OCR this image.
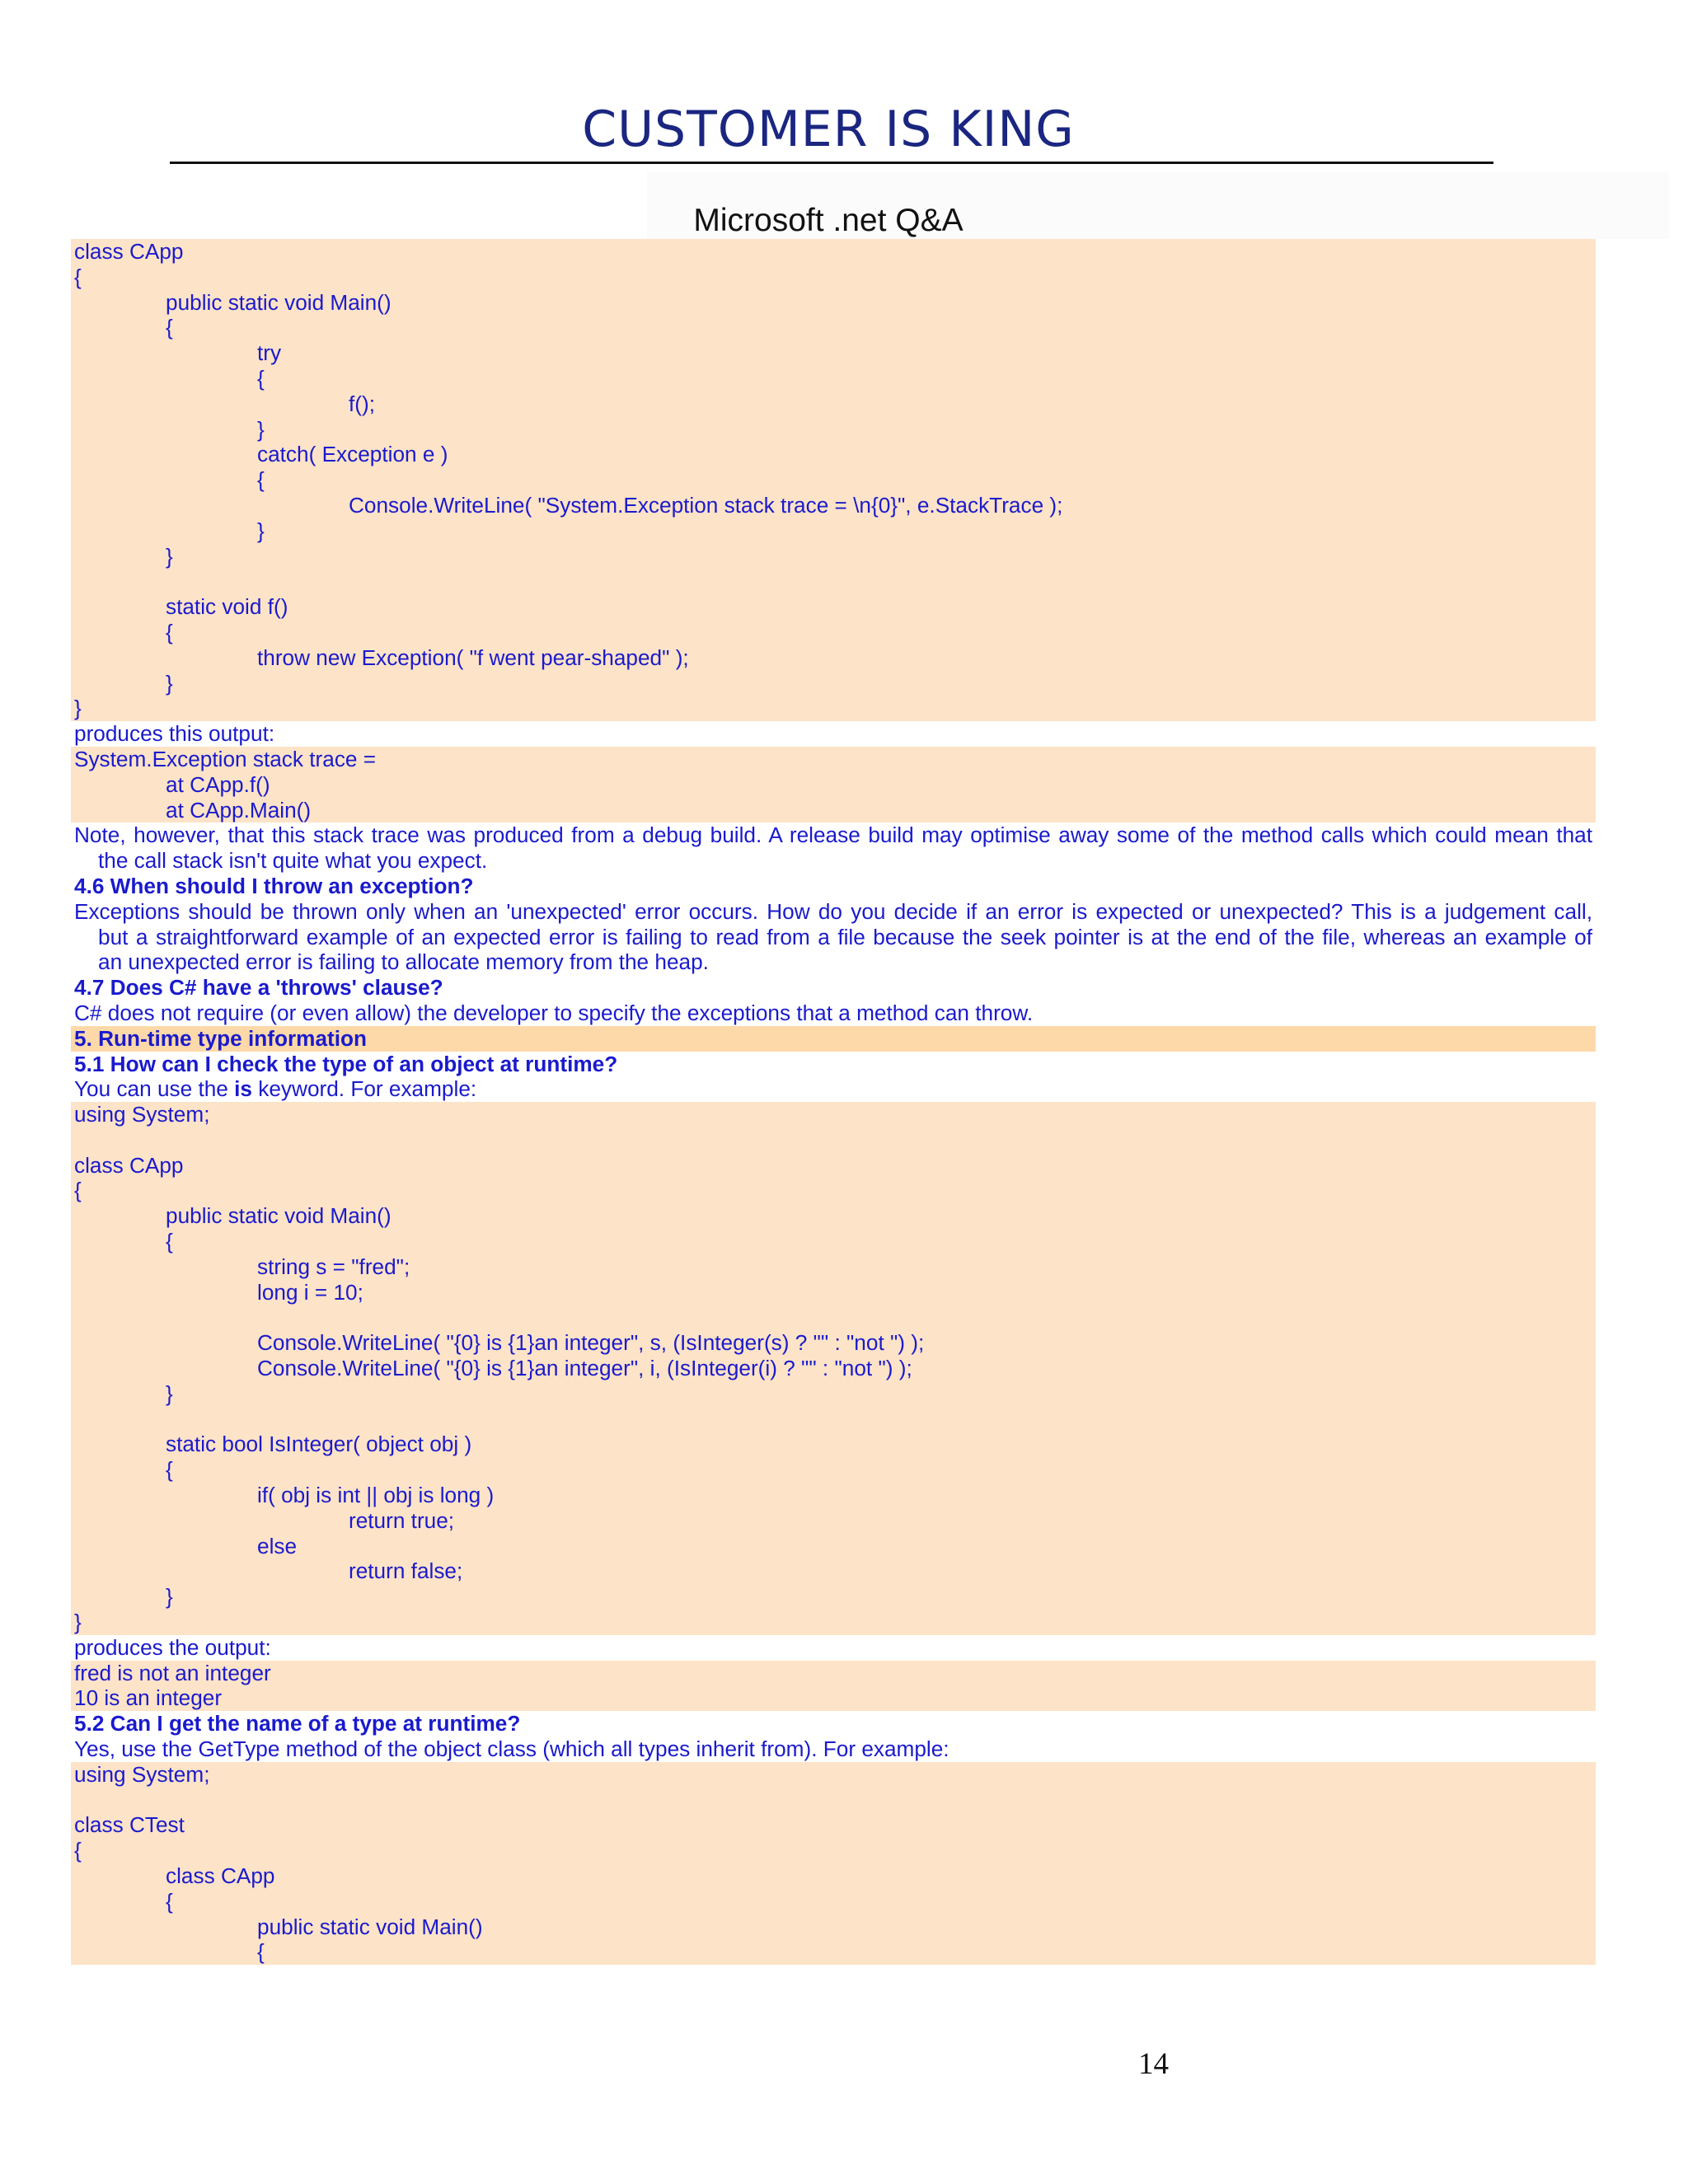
CUSTOMER IS KING
Microsoft .net Q&A
class CApp
{
public static void Main()
{
try
{
f();
}
catch( Exception e )
{
Console.WriteLine( "System.Exception stack trace = \n{0}", e.StackTrace );
}
}
static void f()
{
throw new Exception( "f went pear-shaped" );
}
}
produces this output:
System.Exception stack trace =
at CApp.f()
at CApp.Main()
Note, however, that this stack trace was produced from a debug build. A release build may optimise away some of the method calls which could mean that
the call stack isn't quite what you expect.
4.6 When should I throw an exception?
Exceptions should be thrown only when an 'unexpected' error occurs. How do you decide if an error is expected or unexpected? This is a judgement call,
but a straightforward example of an expected error is failing to read from a file because the seek pointer is at the end of the file, whereas an example of
an unexpected error is failing to allocate memory from the heap.
4.7 Does C# have a 'throws' clause?
C# does not require (or even allow) the developer to specify the exceptions that a method can throw.
5. Run-time type information
5.1 How can I check the type of an object at runtime?
You can use the is keyword. For example:
using System;
class CApp
{
public static void Main()
{
string s = "fred";
long i = 10;
Console.WriteLine( "{0} is {1}an integer", s, (IsInteger(s) ? "" : "not ") );
Console.WriteLine( "{0} is {1}an integer", i, (IsInteger(i) ? "" : "not ") );
}
static bool IsInteger( object obj )
{
if( obj is int || obj is long )
return true;
else
return false;
}
}
produces the output:
fred is not an integer
10 is an integer
5.2 Can I get the name of a type at runtime?
Yes, use the GetType method of the object class (which all types inherit from). For example:
using System;
class CTest
{
class CApp
{
public static void Main()
{
14
